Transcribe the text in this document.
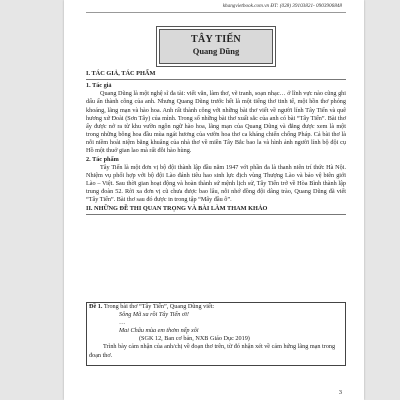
khangvietbook.com.vn ĐT: (028) 39103821- 0903906848
TÂY TIẾN
Quang Dũng

I. TÁC GIẢ, TÁC PHẨM

1. Tác giả

Quang Dũng là một nghệ sĩ đa tài: viết văn, làm thơ, vẽ tranh, soạn nhạc… ở lĩnh vực nào cũng ghi dấu ấn thành công của anh. Nhưng Quang Dũng trước hết là một tiếng thơ tinh tế, một hồn thơ phóng khoáng, lãng mạn và hào hoa. Anh rất thành công với những bài thơ viết về người lính Tây Tiến và quê hương xứ Đoài (Sơn Tây) của mình. Trong số những bài thơ xuất sắc của anh có bài “Tây Tiến”. Bài thơ ấy được nở ra từ khu vườn ngôn ngữ hào hoa, lãng mạn của Quang Dũng và đẳng được xem là một trong những bông hoa đầu mùa ngát hương của vườn hoa thơ ca kháng chiến chống Pháp. Cả bài thơ là nỗi niềm hoài niệm bằng khuâng của nhà thơ về miền Tây Bắc bao la và hình ảnh người lính bộ đội cụ Hồ một thuở gian lao mà rất đỗi hào hùng.

2. Tác phẩm

Tây Tiến là một đơn vị bộ đội thành lập đầu năm 1947 với phần đa là thanh niên trí thức Hà Nội. Nhiệm vụ phối hợp với bộ đội Lào đánh tiêu hao sinh lực địch vùng Thượng Lào và bảo vệ biên giới Lào – Việt. Sau thời gian hoạt động và hoàn thành sứ mệnh lịch sử, Tây Tiến trở về Hòa Bình thành lập trung đoàn 52. Rời xa đơn vị cũ chưa được bao lâu, nỗi nhớ đồng đội dâng trào, Quang Dũng đã viết “Tây Tiến”. Bài thơ sau đó được in trong tập “Mây đầu ô”.

II. NHỮNG ĐỀ THI QUAN TRỌNG VÀ BÀI LÀM THAM KHẢO

Đề 1. Trong bài thơ “Tây Tiến”, Quang Dũng viết:

Sông Mã xa rồi Tây Tiến ơi!

…

Mai Châu mùa em thơm nếp xôi

(SGK 12, Ban cơ bản, NXB Giáo Dục 2019)

Trình bày cảm nhận của anh/chị về đoạn thơ trên, từ đó nhận xét về cảm hứng lãng mạn trong đoạn thơ.

3
